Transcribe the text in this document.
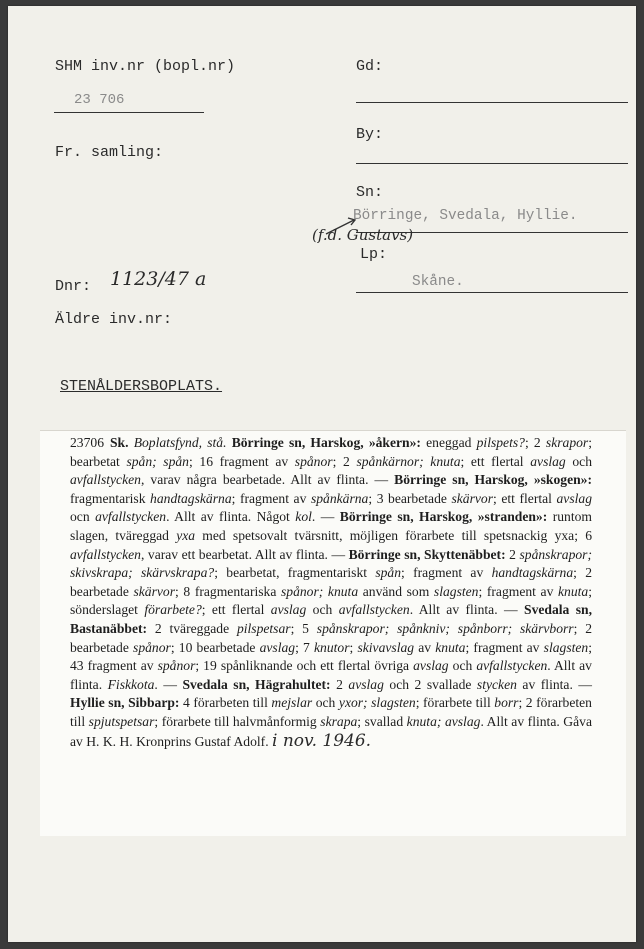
SHM inv.nr (bopl.nr)
23 706
Fr. samling:
Gd:
By:
Sn:
Börringe, Svedala, Hyllie.
(f.d. Gustavs)
Lp:
Skåne.
Dnr: 1123/47 a
Äldre inv.nr:
STENÅLDERSBOPLATS.
23706 Sk. Boplatsfynd, stå. Börringe sn, Harskog, »åkern»: eneggad pilspets?; 2 skrapor; bearbetat spån; spån; 16 fragment av spånor; 2 spånkärnor; knuta; ett flertal avslag och avfallstycken, varav några bearbetade. Allt av flinta. — Börringe sn, Harskog, »skogen»: fragmentarisk handtagskärna; fragment av spånkärna; 3 bearbetade skärvor; ett flertal avslag ocn avfallstycken. Allt av flinta. Något kol. — Börringe sn, Harskog, »stranden»: runtom slagen, tväreggad yxa med spetsovalt tvärsnitt, möjligen förarbete till spetsnackig yxa; 6 avfallstycken, varav ett bearbetat. Allt av flinta. — Börringe sn, Skyttenäbbet: 2 spånskrapor; skivskrapa; skärvskrapa?; bearbetat, fragmentariskt spån; fragment av handtagskärna; 2 bearbetade skärvor; 8 fragmentariska spånor; knuta använd som slagsten; fragment av knuta; sönderslaget förarbete?; ett flertal avslag och avfallstycken. Allt av flinta. — Svedala sn, Bastanäbbet: 2 tväreggade pilspetsar; 5 spånskrapor; spånkniv; spånborr; skärvborr; 2 bearbetade spånor; 10 bearbetade avslag; 7 knutor; skivavslag av knuta; fragment av slagsten; 43 fragment av spånor; 19 spånliknande och ett flertal övriga avslag och avfallstycken. Allt av flinta. Fiskkota. — Svedala sn, Hägrahultet: 2 avslag och 2 svallade stycken av flinta. — Hyllie sn, Sibbarp: 4 förarbeten till mejslar och yxor; slagsten; förarbete till borr; 2 förarbeten till spjutspetsar; förarbete till halvmånformig skrapa; svallad knuta; avslag. Allt av flinta. Gåva av H. K. H. Kronprins Gustaf Adolf. i nov. 1946.
